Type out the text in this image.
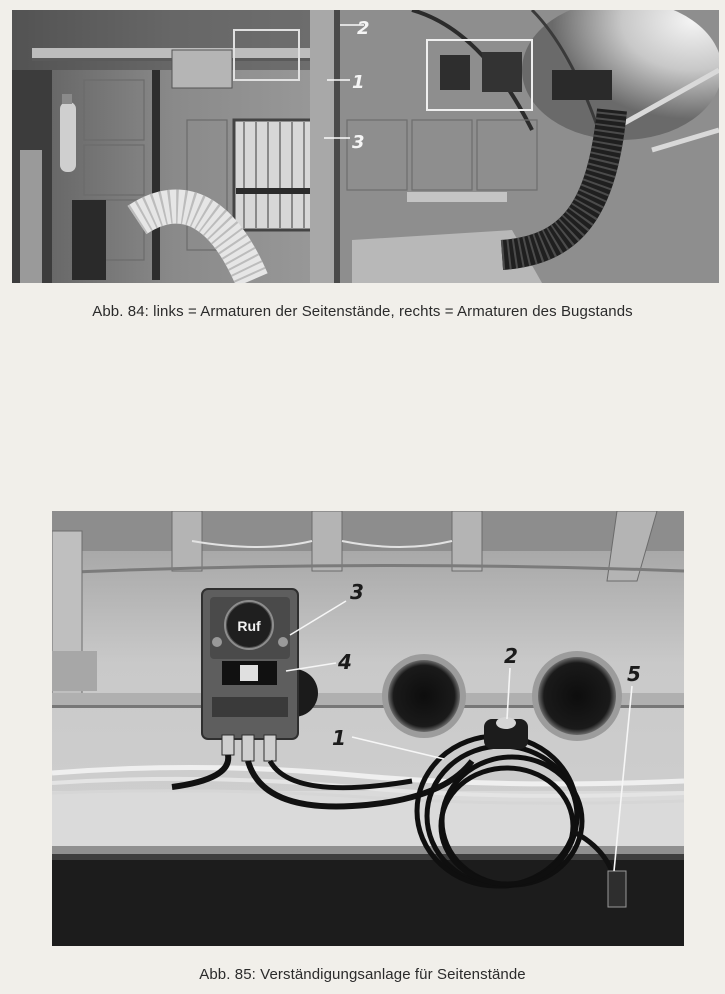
2
1
3

Abb. 84: links = Armaturen der Seitenstände, rechts = Armaturen des Bugstands

Ruf
3
4
1
2
5

Abb. 85: Verständigungsanlage für Seitenstände
